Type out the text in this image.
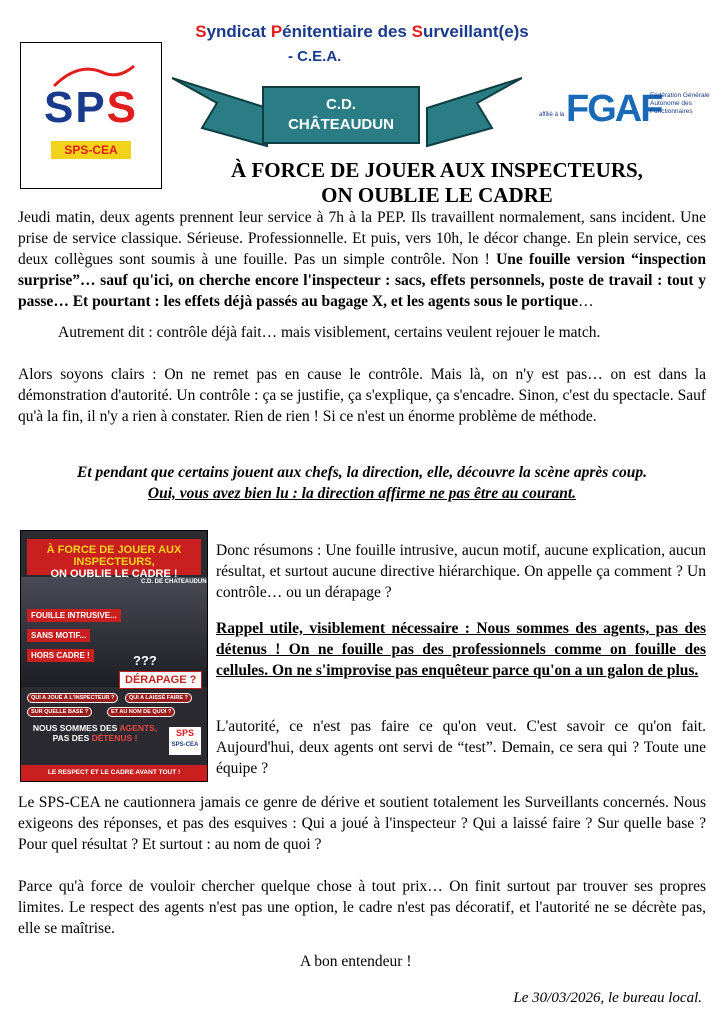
Syndicat Pénitentiaire des Surveillant(e)s
- C.E.A.
SPS
SPS-CEA
C.D.
CHÂTEAUDUN
affilié à la FGAF
Fédération Générale Autonome des Fonctionnaires
À FORCE DE JOUER AUX INSPECTEURS,
ON OUBLIE LE CADRE
Jeudi matin, deux agents prennent leur service à 7h à la PEP. Ils travaillent normalement, sans incident. Une prise de service classique. Sérieuse. Professionnelle. Et puis, vers 10h, le décor change. En plein service, ces deux collègues sont soumis à une fouille. Pas un simple contrôle. Non ! Une fouille version “inspection surprise”… sauf qu'ici, on cherche encore l'inspecteur : sacs, effets personnels, poste de travail : tout y passe… Et pourtant : les effets déjà passés au bagage X, et les agents sous le portique…
Autrement dit : contrôle déjà fait… mais visiblement, certains veulent rejouer le match.
Alors soyons clairs : On ne remet pas en cause le contrôle. Mais là, on n'y est pas… on est dans la démonstration d'autorité. Un contrôle : ça se justifie, ça s'explique, ça s'encadre. Sinon, c'est du spectacle. Sauf qu'à la fin, il n'y a rien à constater. Rien de rien ! Si ce n'est un énorme problème de méthode.
Et pendant que certains jouent aux chefs, la direction, elle, découvre la scène après coup.
Oui, vous avez bien lu : la direction affirme ne pas être au courant.
À FORCE DE JOUER AUX INSPECTEURS,
ON OUBLIE LE CADRE !
C.D. DE CHATEAUDUN
FOUILLE INTRUSIVE...
SANS MOTIF...
HORS CADRE !	???
DÉRAPAGE ?
QUI A JOUÉ À L'INSPECTEUR ?	QUI A LAISSÉ FAIRE ?
SUR QUELLE BASE ?	ET AU NOM DE QUOI ?
NOUS SOMMES DES AGENTS,
PAS DES DÉTENUS !	SPS
SPS-CEA
LE RESPECT ET LE CADRE AVANT TOUT !
Donc résumons : Une fouille intrusive, aucun motif, aucune explication, aucun résultat, et surtout aucune directive hiérarchique. On appelle ça comment ? Un contrôle… ou un dérapage ?
Rappel utile, visiblement nécessaire : Nous sommes des agents, pas des détenus ! On ne fouille pas des professionnels comme on fouille des cellules. On ne s'improvise pas enquêteur parce qu'on a un galon de plus.
L'autorité, ce n'est pas faire ce qu'on veut. C'est savoir ce qu'on fait. Aujourd'hui, deux agents ont servi de “test”. Demain, ce sera qui ? Toute une équipe ?
Le SPS-CEA ne cautionnera jamais ce genre de dérive et soutient totalement les Surveillants concernés. Nous exigeons des réponses, et pas des esquives : Qui a joué à l'inspecteur ? Qui a laissé faire ? Sur quelle base ? Pour quel résultat ? Et surtout : au nom de quoi ?
Parce qu'à force de vouloir chercher quelque chose à tout prix… On finit surtout par trouver ses propres limites. Le respect des agents n'est pas une option, le cadre n'est pas décoratif, et l'autorité ne se décrète pas, elle se maîtrise.
A bon entendeur !
Le 30/03/2026, le bureau local.
